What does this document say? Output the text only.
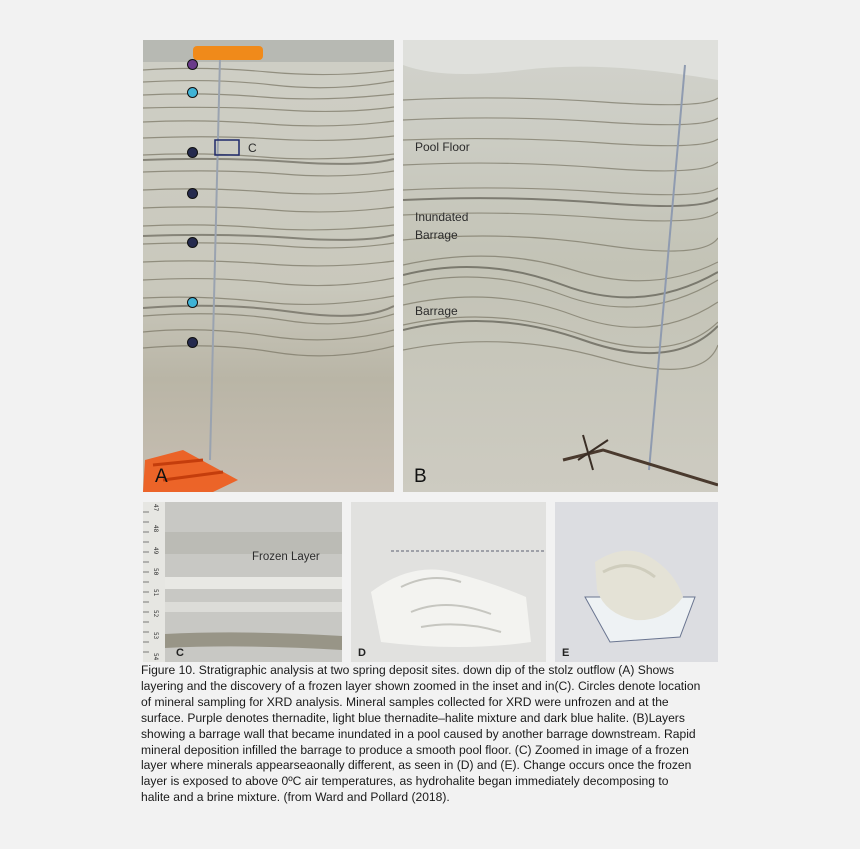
C
A
Pool Floor
Inundated
Barrage
Barrage
B
47
48
49
50
51
52
53
54
Frozen Layer
C	D	E
Figure 10. Stratigraphic analysis at two spring deposit sites. down dip of the stolz outflow (A) Shows
layering and the discovery of a frozen layer shown zoomed in the inset and in(C). Circles denote location
of mineral sampling for XRD analysis. Mineral samples collected for XRD were unfrozen and at the
surface. Purple denotes thernadite, light blue thernadite–halite mixture and dark blue halite. (B)Layers
showing a barrage wall that became inundated in a pool caused by another barrage downstream. Rapid
mineral deposition infilled the barrage to produce a smooth pool floor. (C) Zoomed in image of a frozen
layer where minerals appearseaonally different, as seen in (D) and (E). Change occurs once the frozen
layer is exposed to above 0ºC air temperatures, as hydrohalite began immediately decomposing to
halite and a brine mixture. (from Ward and Pollard (2018).
